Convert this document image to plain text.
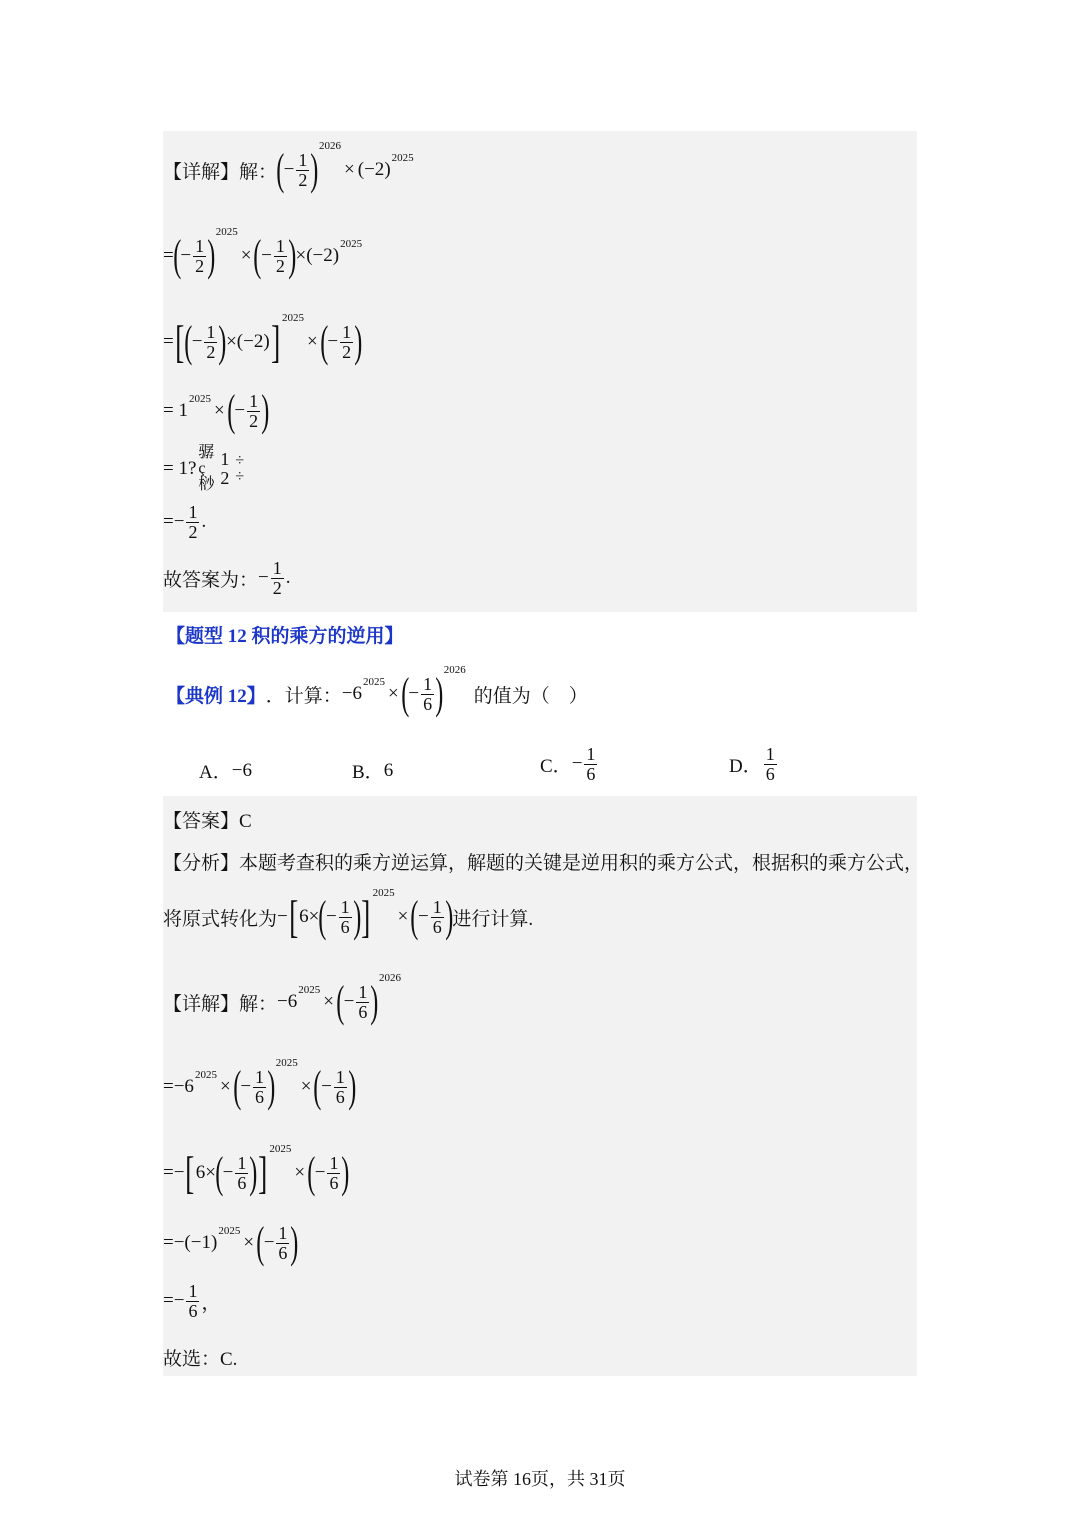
【详解】解： ( − $\frac{1}{2}$ ) 2026
× ( −2 )
2025
= ( − $\frac{1}{2}$ ) 2025
× ( − $\frac{1}{2}$ ) × ( −2 )
2025
= [ ( − $\frac{1}{2}$ ) × ( −2 ) ] 2025
× ( − $\frac{1}{2}$ )
=
1
2025
× ( − $\frac{1}{2}$ )
= 1?
骣
ç
桫
1
2
÷
÷
= − $\frac{1}{2}$ .
故答案为： − $\frac{1}{2}$ .
【题型 12 积的乘方的逆用】
【典例 12】 ．计算： −6
2025
× ( − $\frac{1}{6}$ ) 2026
的值为（　）
A． −6	B． 6	C． − $\frac{1}{6}$	D． $\frac{1}{6}$
【答案】C
【分析】本题考查积的乘方逆运算，解题的关键是逆用积的乘方公式，根据积的乘方公式，
将原式转化为 − [ 6× ( − $\frac{1}{6}$ ) ] 2025
× ( − $\frac{1}{6}$ ) 进行计算.
【详解】解： −6
2025
× ( − $\frac{1}{6}$ ) 2026
=−6
2025
× ( − $\frac{1}{6}$ ) 2025
× ( − $\frac{1}{6}$ )
=− [ 6× ( − $\frac{1}{6}$ ) ] 2025
× ( − $\frac{1}{6}$ )
=−( −1 )
2025
× ( − $\frac{1}{6}$ )
=− $\frac{1}{6}$ ，
故选：C.
试卷第 16页，共 31页
